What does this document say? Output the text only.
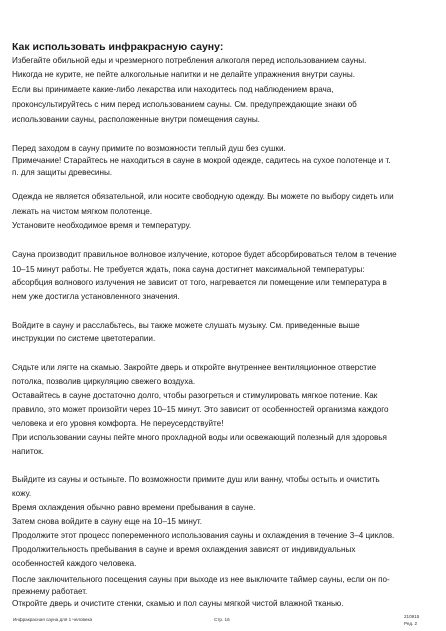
Как использовать инфракрасную сауну:

Избегайте обильной еды и чрезмерного потребления алкоголя перед использованием сауны.

Никогда не курите, не пейте алкогольные напитки и не делайте упражнения внутри сауны.

Если вы принимаете какие-либо лекарства или находитесь под наблюдением врача,

проконсультируйтесь с ним перед использованием сауны. См. предупреждающие знаки об

использовании сауны, расположенные внутри помещения сауны.

Перед заходом в сауну примите по возможности теплый душ без сушки.

Примечание! Старайтесь не находиться в сауне в мокрой одежде, садитесь на сухое полотенце и т.

п. для защиты древесины.

Одежда не является обязательной, или носите свободную одежду. Вы можете по выбору сидеть или

лежать на чистом мягком полотенце.

Установите необходимое время и температуру.

Сауна производит правильное волновое излучение, которое будет абсорбироваться телом в течение

10–15 минут работы. Не требуется ждать, пока сауна достигнет максимальной температуры:

абсорбция волнового излучения не зависит от того, нагревается ли помещение или температура в

нем уже достигла установленного значения.

Войдите в сауну и расслабьтесь, вы также можете слушать музыку. См. приведенные выше

инструкции по системе цветотерапии.

Сядьте или лягте на скамью. Закройте дверь и откройте внутреннее вентиляционное отверстие

потолка, позволив циркуляцию свежего воздуха.

Оставайтесь в сауне достаточно долго, чтобы разогреться и стимулировать мягкое потение. Как

правило, это может произойти через 10–15 минут. Это зависит от особенностей организма каждого

человека и его уровня комфорта. Не переусердствуйте!

При использовании сауны пейте много прохладной воды или освежающий полезный для здоровья

напиток.

Выйдите из сауны и остыньте. По возможности примите душ или ванну, чтобы остыть и очистить

кожу.

Время охлаждения обычно равно времени пребывания в сауне.

Затем снова войдите в сауну еще на 10–15 минут.

Продолжите этот процесс попеременного использования сауны и охлаждения в течение 3–4 циклов.

Продолжительность пребывания в сауне и время охлаждения зависят от индивидуальных

особенностей каждого человека.

После заключительного посещения сауны при выходе из нее выключите таймер сауны, если он по-

прежнему работает.

Откройте дверь и очистите стенки, скамью и пол сауны мягкой чистой влажной тканью.

Инфракрасная сауна для 1 человека	Стр. 16
210915
Ред. 2
